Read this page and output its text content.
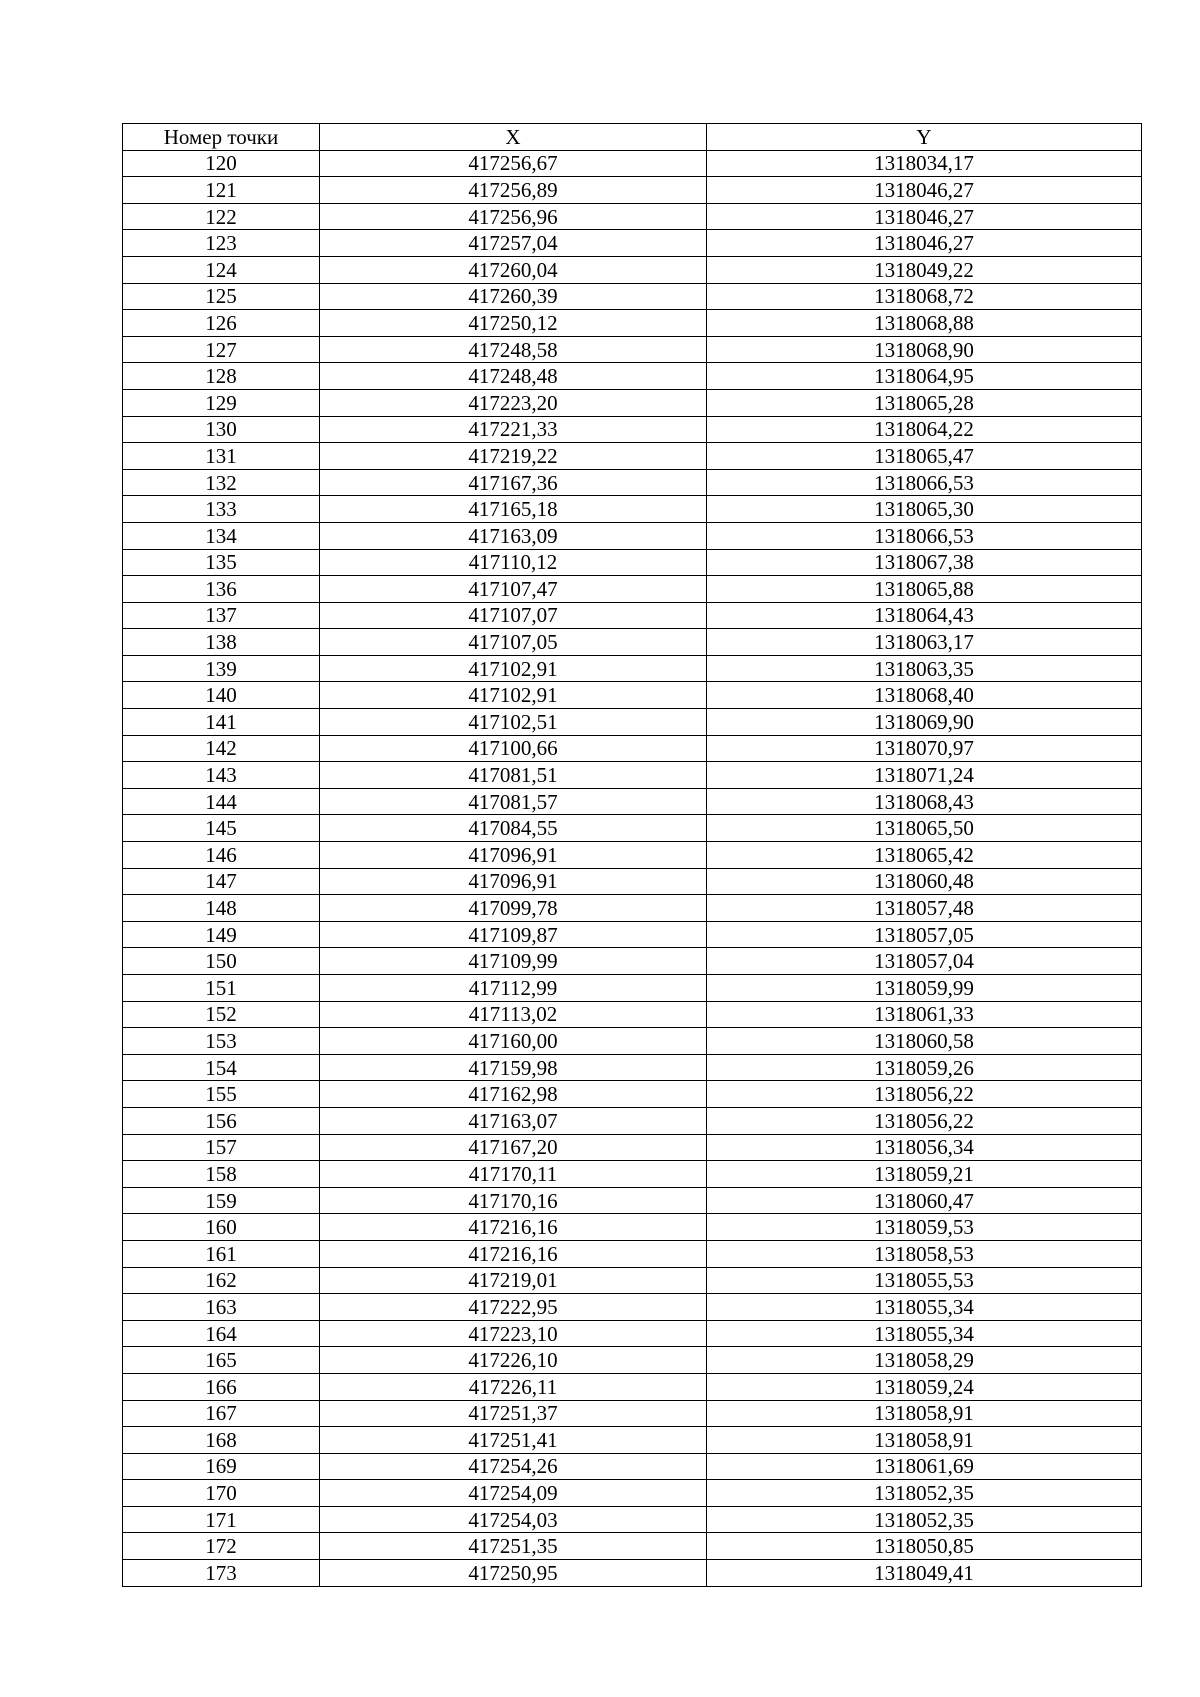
Номер точки	X	Y
120	417256,67	1318034,17
121	417256,89	1318046,27
122	417256,96	1318046,27
123	417257,04	1318046,27
124	417260,04	1318049,22
125	417260,39	1318068,72
126	417250,12	1318068,88
127	417248,58	1318068,90
128	417248,48	1318064,95
129	417223,20	1318065,28
130	417221,33	1318064,22
131	417219,22	1318065,47
132	417167,36	1318066,53
133	417165,18	1318065,30
134	417163,09	1318066,53
135	417110,12	1318067,38
136	417107,47	1318065,88
137	417107,07	1318064,43
138	417107,05	1318063,17
139	417102,91	1318063,35
140	417102,91	1318068,40
141	417102,51	1318069,90
142	417100,66	1318070,97
143	417081,51	1318071,24
144	417081,57	1318068,43
145	417084,55	1318065,50
146	417096,91	1318065,42
147	417096,91	1318060,48
148	417099,78	1318057,48
149	417109,87	1318057,05
150	417109,99	1318057,04
151	417112,99	1318059,99
152	417113,02	1318061,33
153	417160,00	1318060,58
154	417159,98	1318059,26
155	417162,98	1318056,22
156	417163,07	1318056,22
157	417167,20	1318056,34
158	417170,11	1318059,21
159	417170,16	1318060,47
160	417216,16	1318059,53
161	417216,16	1318058,53
162	417219,01	1318055,53
163	417222,95	1318055,34
164	417223,10	1318055,34
165	417226,10	1318058,29
166	417226,11	1318059,24
167	417251,37	1318058,91
168	417251,41	1318058,91
169	417254,26	1318061,69
170	417254,09	1318052,35
171	417254,03	1318052,35
172	417251,35	1318050,85
173	417250,95	1318049,41
